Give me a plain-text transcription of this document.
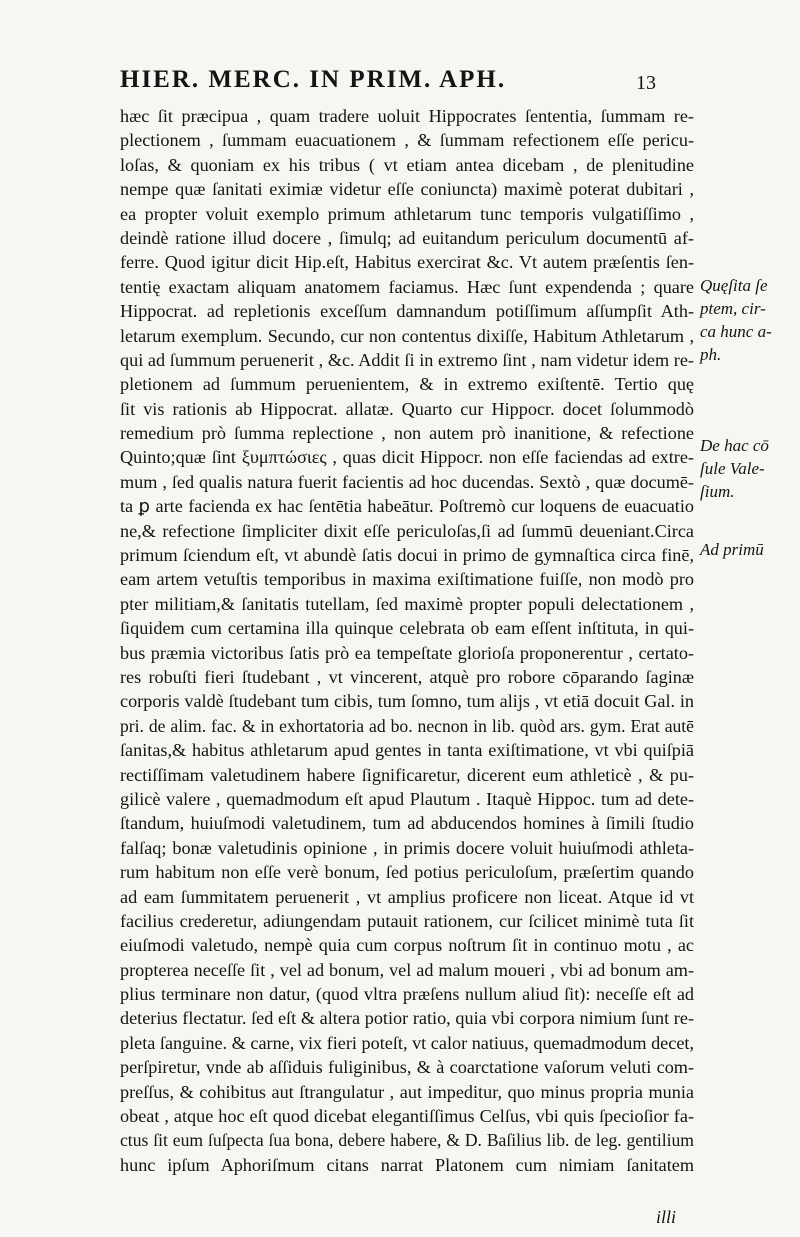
HIER. MERC. IN PRIM. APH.	13
hæc ſit præcipua , quam tradere uoluit Hippocrates ſententia, ſummam re-
plectionem , ſummam euacuationem , & ſummam refectionem eſſe pericu-
loſas, & quoniam ex his tribus ( vt etiam antea dicebam , de plenitudine
nempe quæ ſanitati eximiæ videtur eſſe coniuncta) maximè poterat dubitari ,
ea propter voluit exemplo primum athletarum tunc temporis vulgatiſſimo ,
deindè ratione illud docere , ſimulq; ad euitandum periculum documentū af-
ferre. Quod igitur dicit Hip.eſt, Habitus exercirat &c. Vt autem præſentis ſen-
tentię exactam aliquam anatomem faciamus. Hæc ſunt expendenda ; quare
Hippocrat. ad repletionis exceſſum damnandum potiſſimum aſſumpſit Ath-
letarum exemplum. Secundo, cur non contentus dixiſſe, Habitum Athletarum ,
qui ad ſummum peruenerit , &c. Addit ſi in extremo ſint , nam videtur idem re-
pletionem ad ſummum peruenientem, & in extremo exiſtentē. Tertio quę
ſit vis rationis ab Hippocrat. allatæ. Quarto cur Hippocr. docet ſolummodò
remedium prò ſumma replectione , non autem prò inanitione, & refectione
Quinto;quæ ſint ξυμπτώσιες , quas dicit Hippocr. non eſſe faciendas ad extre-
mum , ſed qualis natura fuerit facientis ad hoc ducendas. Sextò , quæ documē-
ta ꝑ arte facienda ex hac ſentētia habeātur. Poſtremò cur loquens de euacuatio
ne,& refectione ſimpliciter dixit eſſe periculoſas,ſi ad ſummū deueniant.Circa
primum ſciendum eſt, vt abundè ſatis docui in primo de gymnaſtica circa finē,
eam artem vetuſtis temporibus in maxima exiſtimatione fuiſſe, non modò pro
pter militiam,& ſanitatis tutellam, ſed maximè propter populi delectationem ,
ſiquidem cum certamina illa quinque celebrata ob eam eſſent inſtituta, in qui-
bus præmia victoribus ſatis prò ea tempeſtate glorioſa proponerentur , certato-
res robuſti fieri ſtudebant , vt vincerent, atquè pro robore cōparando ſaginæ
corporis valdè ſtudebant tum cibis, tum ſomno, tum alijs , vt etiā docuit Gal. in
pri. de alim. fac. & in exhortatoria ad bo. necnon in lib. quòd ars. gym. Erat autē
ſanitas,& habitus athletarum apud gentes in tanta exiſtimatione, vt vbi quiſpiā
rectiſſimam valetudinem habere ſignificaretur, dicerent eum athleticè , & pu-
gilicè valere , quemadmodum eſt apud Plautum . Itaquè Hippoc. tum ad dete-
ſtandum, huiuſmodi valetudinem, tum ad abducendos homines à ſimili ſtudio
falſaq; bonæ valetudinis opinione , in primis docere voluit huiuſmodi athleta-
rum habitum non eſſe verè bonum, ſed potius periculoſum, præſertim quando
ad eam ſummitatem peruenerit , vt amplius proficere non liceat. Atque id vt
facilius crederetur, adiungendam putauit rationem, cur ſcilicet minimè tuta ſit
eiuſmodi valetudo, nempè quia cum corpus noſtrum ſit in continuo motu , ac
propterea neceſſe ſit , vel ad bonum, vel ad malum moueri , vbi ad bonum am-
plius terminare non datur, (quod vltra præſens nullum aliud ſit): neceſſe eſt ad
deterius flectatur. ſed eſt & altera potior ratio, quia vbi corpora nimium ſunt re-
pleta ſanguine. & carne, vix fieri poteſt, vt calor natiuus, quemadmodum decet,
perſpiretur, vnde ab aſſiduis fuliginibus, & à coarctatione vaſorum veluti com-
preſſus, & cohibitus aut ſtrangulatur , aut impeditur, quo minus propria munia
obeat , atque hoc eſt quod dicebat elegantiſſimus Celſus, vbi quis ſpecioſior fa-
ctus ſit eum ſuſpecta ſua bona, debere habere, & D. Baſilius lib. de leg. gentilium
hunc ipſum Aphoriſmum citans narrat Platonem cum nimiam ſanitatem
Quęſita ſe
ptem, cir-
ca hunc a-
ph.
De hac cō
ſule Vale-
ſium.
Ad primū
illi
